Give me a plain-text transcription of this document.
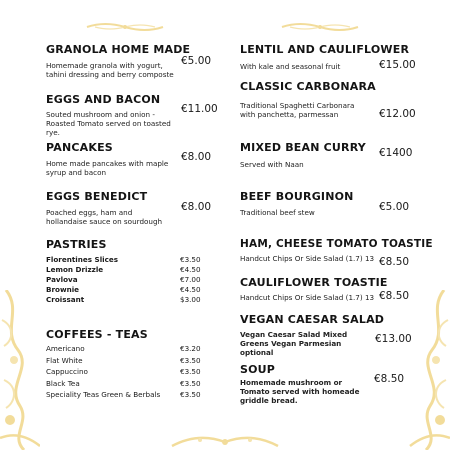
GRANOLA HOME MADE
Homemade granola with yogurt, tahini dressing and berry composte
€5.00
EGGS AND BACON
Souted mushroom and onion - Roasted Tomato served on toasted rye.
€11.00
PANCAKES
Home made pancakes with maple syrup and bacon
€8.00
EGGS BENEDICT
Poached eggs, ham and hollandaise sauce on sourdough
€8.00
PASTRIES
Florentines Slices	€3.50
Lemon Drizzle	€4.50
Pavlova	€7.00
Brownie	€4.50
Croissant	$3.00
COFFEES - TEAS
Americano	€3.20
Flat White	€3.50
Cappuccino	€3.50
Black Tea	€3.50
Speciality Teas Green & Berbals	€3.50
LENTIL AND CAULIFLOWER
With kale and seasonal fruit	€15.00
CLASSIC CARBONARA
Traditional Spaghetti Carbonara with panchetta, parmessan	€12.00
MIXED BEAN CURRY
Served with Naan
€1400
BEEF BOURGINON
Traditional beef stew	€5.00
HAM, CHEESE TOMATO TOASTIE
Handcut Chips Or Side Salad (1.7) 13 €8.50
CAULIFLOWER TOASTIE
Handcut Chips Or Side Salad (1.7) 13 €8.50
VEGAN CAESAR SALAD
Vegan Caesar Salad Mixed Greens Vegan Parmesian optional
€13.00
SOUP
Homemade mushroom or Tomato served with homeade griddle bread.
€8.50
